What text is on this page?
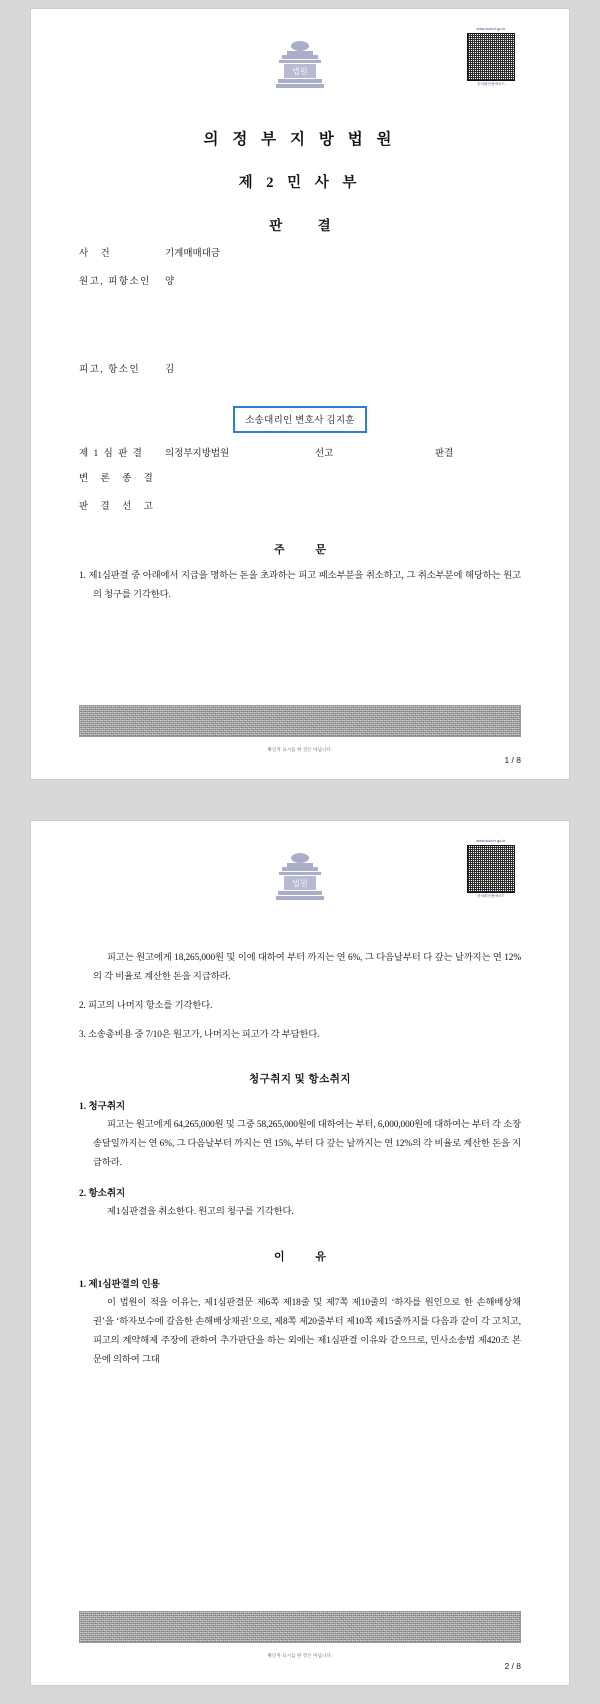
법원
www.scourt.go.kr
문서확인용바코드
의 정 부 지 방 법 원
제 2 민 사 부
판 결
사 건	기계매매대금
원고, 피항소인	양
피고, 항소인	김
소송대리인 변호사 김지훈
제 1 심 판 결	의정부지방법원	선고	판결
변 론 종 결
판 결 선 고
주 문
1. 제1심판결 중 아래에서 지급을 명하는 돈을 초과하는 피고 패소부분을 취소하고, 그 취소부분에 해당하는 원고의 청구를 기각한다.
확인자 표시를 한 것은 아닙니다.
1 / 8
법원
www.scourt.go.kr
문서확인용바코드
피고는 원고에게 18,265,000원 및 이에 대하여 부터 까지는 연 6%, 그 다음날부터 다 갚는 날까지는 연 12%의 각 비율로 계산한 돈을 지급하라.
2. 피고의 나머지 항소를 기각한다.
3. 소송총비용 중 7/10은 원고가, 나머지는 피고가 각 부담한다.
청구취지 및 항소취지
1. 청구취지
피고는 원고에게 64,265,000원 및 그중 58,265,000원에 대하여는 부터, 6,000,000원에 대하여는 부터 각 소장 송달일까지는 연 6%, 그 다음날부터 까지는 연 15%, 부터 다 갚는 날까지는 연 12%의 각 비율로 계산한 돈을 지급하라.
2. 항소취지
제1심판결을 취소한다. 원고의 청구를 기각한다.
이 유
1. 제1심판결의 인용
이 법원이 적을 이유는, 제1심판결문 제6쪽 제18줄 및 제7쪽 제10줄의 ‘하자를 원인으로 한 손해배상채권’을 ‘하자보수에 갈음한 손해배상채권’으로, 제8쪽 제20줄부터 제10쪽 제15줄까지를 다음과 같이 각 고치고, 피고의 계약해제 주장에 관하여 추가판단을 하는 외에는 제1심판결 이유와 같으므로, 민사소송법 제420조 본문에 의하여 그대
확인자 표시를 한 것은 아닙니다.
2 / 8
